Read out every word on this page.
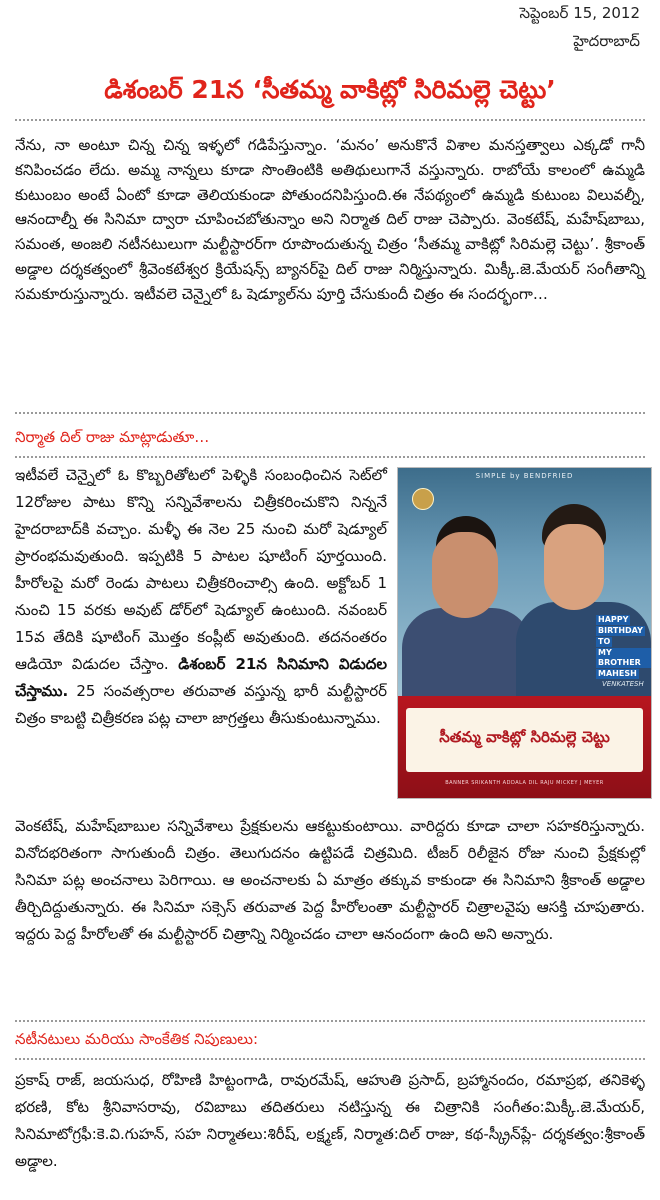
సెప్టెంబర్ 15, 2012
హైదరాబాద్
డిశంబర్ 21న ‘సీతమ్మ వాకిట్లో సిరిమల్లె చెట్టు’
నేను, నా అంటూ చిన్న చిన్న ఇళ్ళలో గడిపేస్తున్నాం. ‘మనం’ అనుకొనే విశాల మనస్తత్వాలు ఎక్కడో గానీ కనిపించడం లేదు. అమ్మ నాన్నలు కూడా సొంతింటికి అతిథులుగానే వస్తున్నారు. రాబోయే కాలంలో ఉమ్మడి కుటుంబం అంటే ఏంటో కూడా తెలియకుండా పోతుందనిపిస్తుంది.ఈ నేపథ్యంలో ఉమ్మడి కుటుంబ విలువల్నీ, ఆనందాల్నీ ఈ సినిమా ద్వారా చూపించబోతున్నాం అని నిర్మాత దిల్ రాజు చెప్పారు. వెంకటేష్, మహేష్‌బాబు, సమంత, అంజలి నటీనటులుగా మల్టీస్టారర్‌గా రూపొందుతున్న చిత్రం ‘సీతమ్మ వాకిట్లో సిరిమల్లె చెట్టు’. శ్రీకాంత్ అడ్డాల దర్శకత్వంలో శ్రీవెంకటేశ్వర క్రియేషన్స్ బ్యానర్‌పై దిల్ రాజు నిర్మిస్తున్నారు. మిక్కీ.జె.మేయర్ సంగీతాన్ని సమకూరుస్తున్నారు. ఇటీవలె చెన్నైలో ఓ షెడ్యూల్‌ను పూర్తి చేసుకుందీ చిత్రం ఈ సందర్భంగా…
నిర్మాత దిల్ రాజు మాట్లాడుతూ…
ఇటీవలే చెన్నైలో ఓ కొబ్బరితోటలో పెళ్ళికి సంబంధించిన సెట్‌లో 12రోజుల పాటు కొన్ని సన్నివేశాలను చిత్రీకరించుకొని నిన్ననే హైదరాబాద్‌కి వచ్చాం. మళ్ళీ ఈ నెల 25 నుంచి మరో షెడ్యూల్ ప్రారంభమవుతుంది. ఇప్పటికి 5 పాటల షూటింగ్ పూర్తయింది. హీరోలపై మరో రెండు పాటలు చిత్రీకరించాల్సి ఉంది. అక్టోబర్ 1 నుంచి 15 వరకు అవుట్ డోర్‌లో షెడ్యూల్ ఉంటుంది. నవంబర్ 15వ తేదికి షూటింగ్ మొత్తం కంప్లీట్ అవుతుంది. తదనంతరం ఆడియో విడుదల చేస్తాం. డిశంబర్ 21న సినిమాని విడుదల చేస్తాము. 25 సంవత్సరాల తరువాత వస్తున్న భారీ మల్టీస్టారర్ చిత్రం కాబట్టి చిత్రీకరణ పట్ల చాలా జాగ్రత్తలు తీసుకుంటున్నాము.
SIMPLE by BENDFRIED
HAPPY
BIRTHDAY
TO
MY BROTHER
MAHESH
VENKATESH
సీతమ్మ వాకిట్లో సిరిమల్లె చెట్టు
BANNER SRIKANTH ADDALA DIL RAJU MICKEY J MEYER
వెంకటేష్, మహేష్‌బాబుల సన్నివేశాలు ప్రేక్షకులను ఆకట్టుకుంటాయి. వారిద్దరు కూడా చాలా సహకరిస్తున్నారు. వినోదభరితంగా సాగుతుందీ చిత్రం. తెలుగుదనం ఉట్టిపడే చిత్రమిది. టీజర్ రిలీజైన రోజు నుంచి ప్రేక్షకుల్లో సినిమా పట్ల అంచనాలు పెరిగాయి. ఆ అంచనాలకు ఏ మాత్రం తక్కువ కాకుండా ఈ సినిమాని శ్రీకాంత్ అడ్డాల తీర్చిదిద్దుతున్నారు. ఈ సినిమా సక్సెస్ తరువాత పెద్ద హీరోలంతా మల్టీస్టారర్ చిత్రాలవైపు ఆసక్తి చూపుతారు. ఇద్దరు పెద్ద హీరోలతో ఈ మల్టీస్టారర్ చిత్రాన్ని నిర్మించడం చాలా ఆనందంగా ఉంది అని అన్నారు.
నటీనటులు మరియు సాంకేతిక నిపుణులు:
ప్రకాష్ రాజ్, జయసుధ, రోహిణి హిట్టంగాడి, రావురమేష్, ఆహుతి ప్రసాద్, బ్రహ్మానందం, రమాప్రభ, తనికెళ్ళ భరణి, కోట శ్రీనివాసరావు, రవిబాబు తదితరులు నటిస్తున్న ఈ చిత్రానికి సంగీతం:మిక్కీ.జె.మేయర్, సినిమాటోగ్రఫీ:కె.వి.గుహన్, సహ నిర్మాతలు:శిరీష్, లక్ష్మణ్, నిర్మాత:దిల్ రాజు, కథ-స్క్రీన్‌ప్లే- దర్శకత్వం:శ్రీకాంత్ అడ్డాల.
